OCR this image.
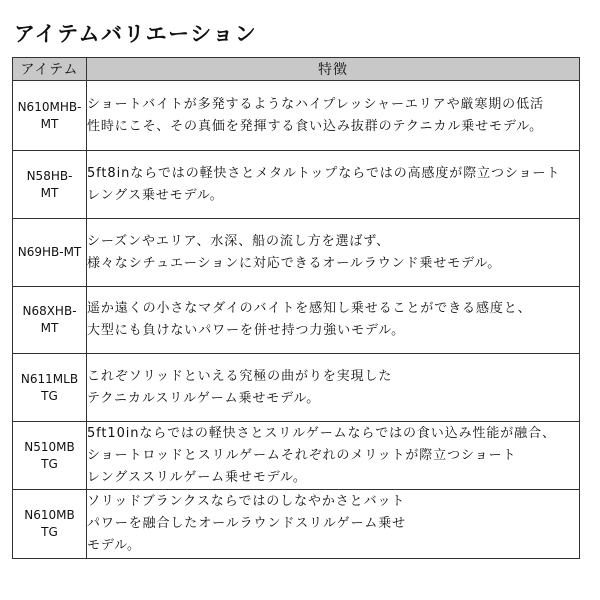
アイテムバリエーション
アイテム	特徴

N610MHB-
MT	ショートバイトが多発するようなハイプレッシャーエリアや厳寒期の低活
性時にこそ、その真価を発揮する食い込み抜群のテクニカル乗せモデル。

N58HB-
MT	5ft8inならではの軽快さとメタルトップならではの高感度が際立つショート
レングス乗せモデル。

N69HB-MT	シーズンやエリア、水深、船の流し方を選ばず、
様々なシチュエーションに対応できるオールラウンド乗せモデル。

N68XHB-
MT	遥か遠くの小さなマダイのバイトを感知し乗せることができる感度と、
大型にも負けないパワーを併せ持つ力強いモデル。

N611MLB
TG	これぞソリッドといえる究極の曲がりを実現した
テクニカルスリルゲーム乗せモデル。

N510MB
TG	5ft10inならではの軽快さとスリルゲームならではの食い込み性能が融合、
ショートロッドとスリルゲームそれぞれのメリットが際立つショート
レングススリルゲーム乗せモデル。

N610MB
TG	ソリッドブランクスならではのしなやかさとバット
パワーを融合したオールラウンドスリルゲーム乗せ
モデル。
